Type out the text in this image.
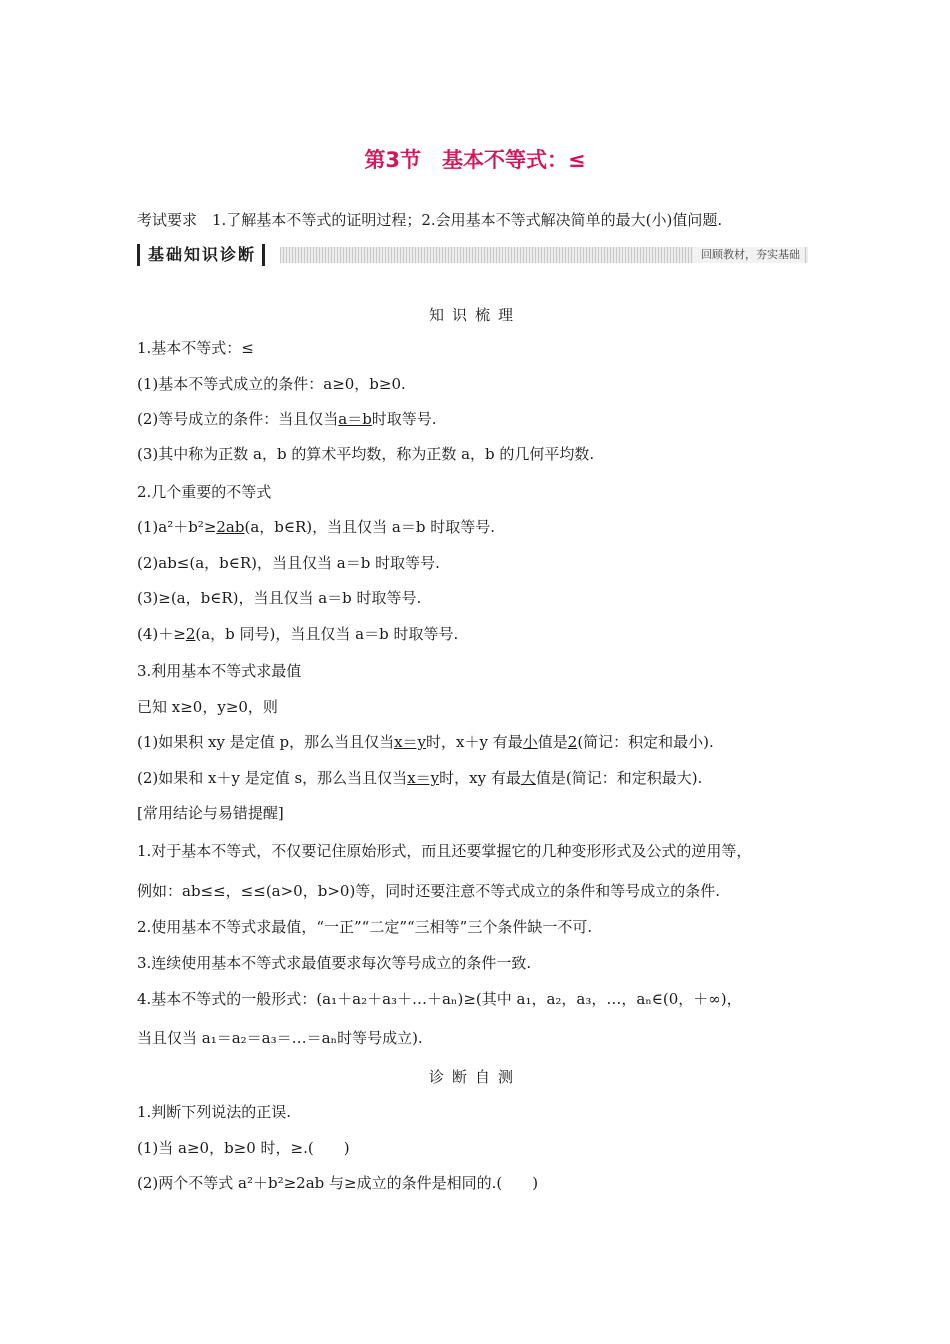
第3节　基本不等式：≤
考试要求　1.了解基本不等式的证明过程；2.会用基本不等式解决简单的最大(小)值问题.
基础知识诊断	回顾教材，夯实基础
知识梳理
1.基本不等式：≤
(1)基本不等式成立的条件：a≥0，b≥0.
(2)等号成立的条件：当且仅当a＝b时取等号.
(3)其中称为正数 a，b 的算术平均数，称为正数 a，b 的几何平均数.
2.几个重要的不等式
(1)a²＋b²≥2ab(a，b∈R)，当且仅当 a＝b 时取等号.
(2)ab≤(a，b∈R)，当且仅当 a＝b 时取等号.
(3)≥(a，b∈R)，当且仅当 a＝b 时取等号.
(4)＋≥2(a，b 同号)，当且仅当 a＝b 时取等号.
3.利用基本不等式求最值
已知 x≥0，y≥0，则
(1)如果积 xy 是定值 p，那么当且仅当x＝y时，x＋y 有最小值是2(简记：积定和最小).
(2)如果和 x＋y 是定值 s，那么当且仅当x＝y时，xy 有最大值是(简记：和定积最大).
[常用结论与易错提醒]
1.对于基本不等式，不仅要记住原始形式，而且还要掌握它的几种变形形式及公式的逆用等，
例如：ab≤≤，≤≤(a>0，b>0)等，同时还要注意不等式成立的条件和等号成立的条件.
2.使用基本不等式求最值，“一正”“二定”“三相等”三个条件缺一不可.
3.连续使用基本不等式求最值要求每次等号成立的条件一致.
4.基本不等式的一般形式：(a₁＋a₂＋a₃＋…＋aₙ)≥(其中 a₁，a₂，a₃，…，aₙ∈(0，＋∞)，
当且仅当 a₁＝a₂＝a₃＝…＝aₙ时等号成立).
诊断自测
1.判断下列说法的正误.
(1)当 a≥0，b≥0 时，≥.(　　)
(2)两个不等式 a²＋b²≥2ab 与≥成立的条件是相同的.(　　)
